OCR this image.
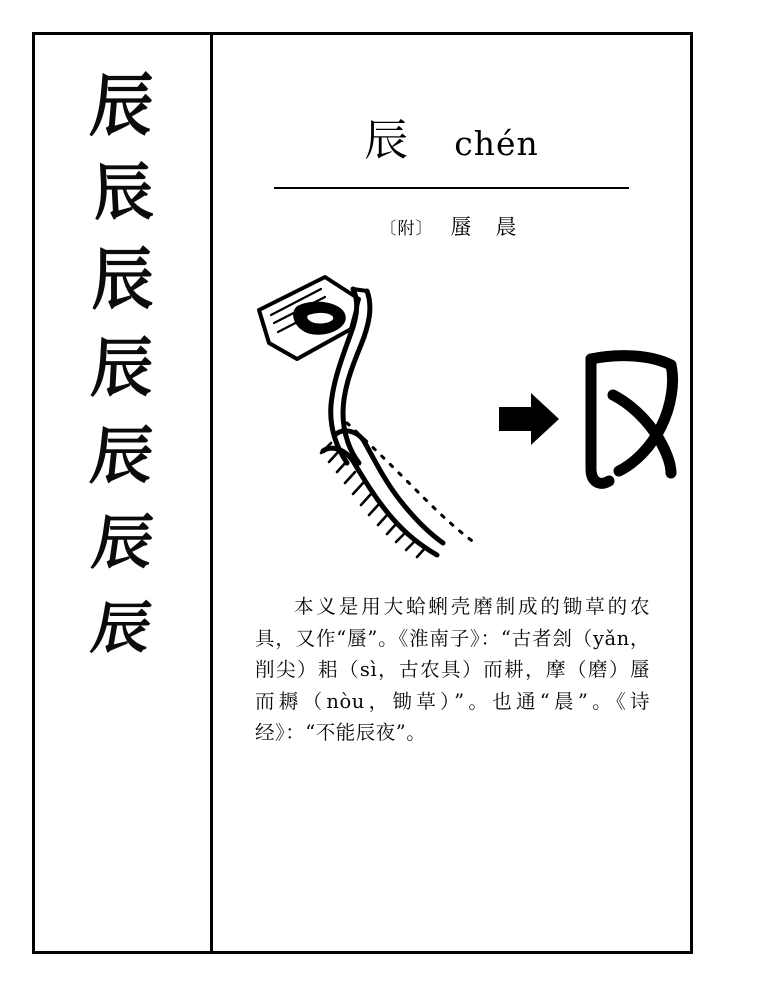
辰
辰
辰
辰
辰
辰
辰
辰 chén
〔附〕 蜃 晨
本义是用大蛤蜊壳磨制成的锄草的农具，又作“蜃”。《淮南子》：“古者刽（yǎn，削尖）耜（sì，古农具）而耕，摩（磨）蜃而耨（nòu，锄草）”。也通“晨”。《诗经》：“不能辰夜”。
